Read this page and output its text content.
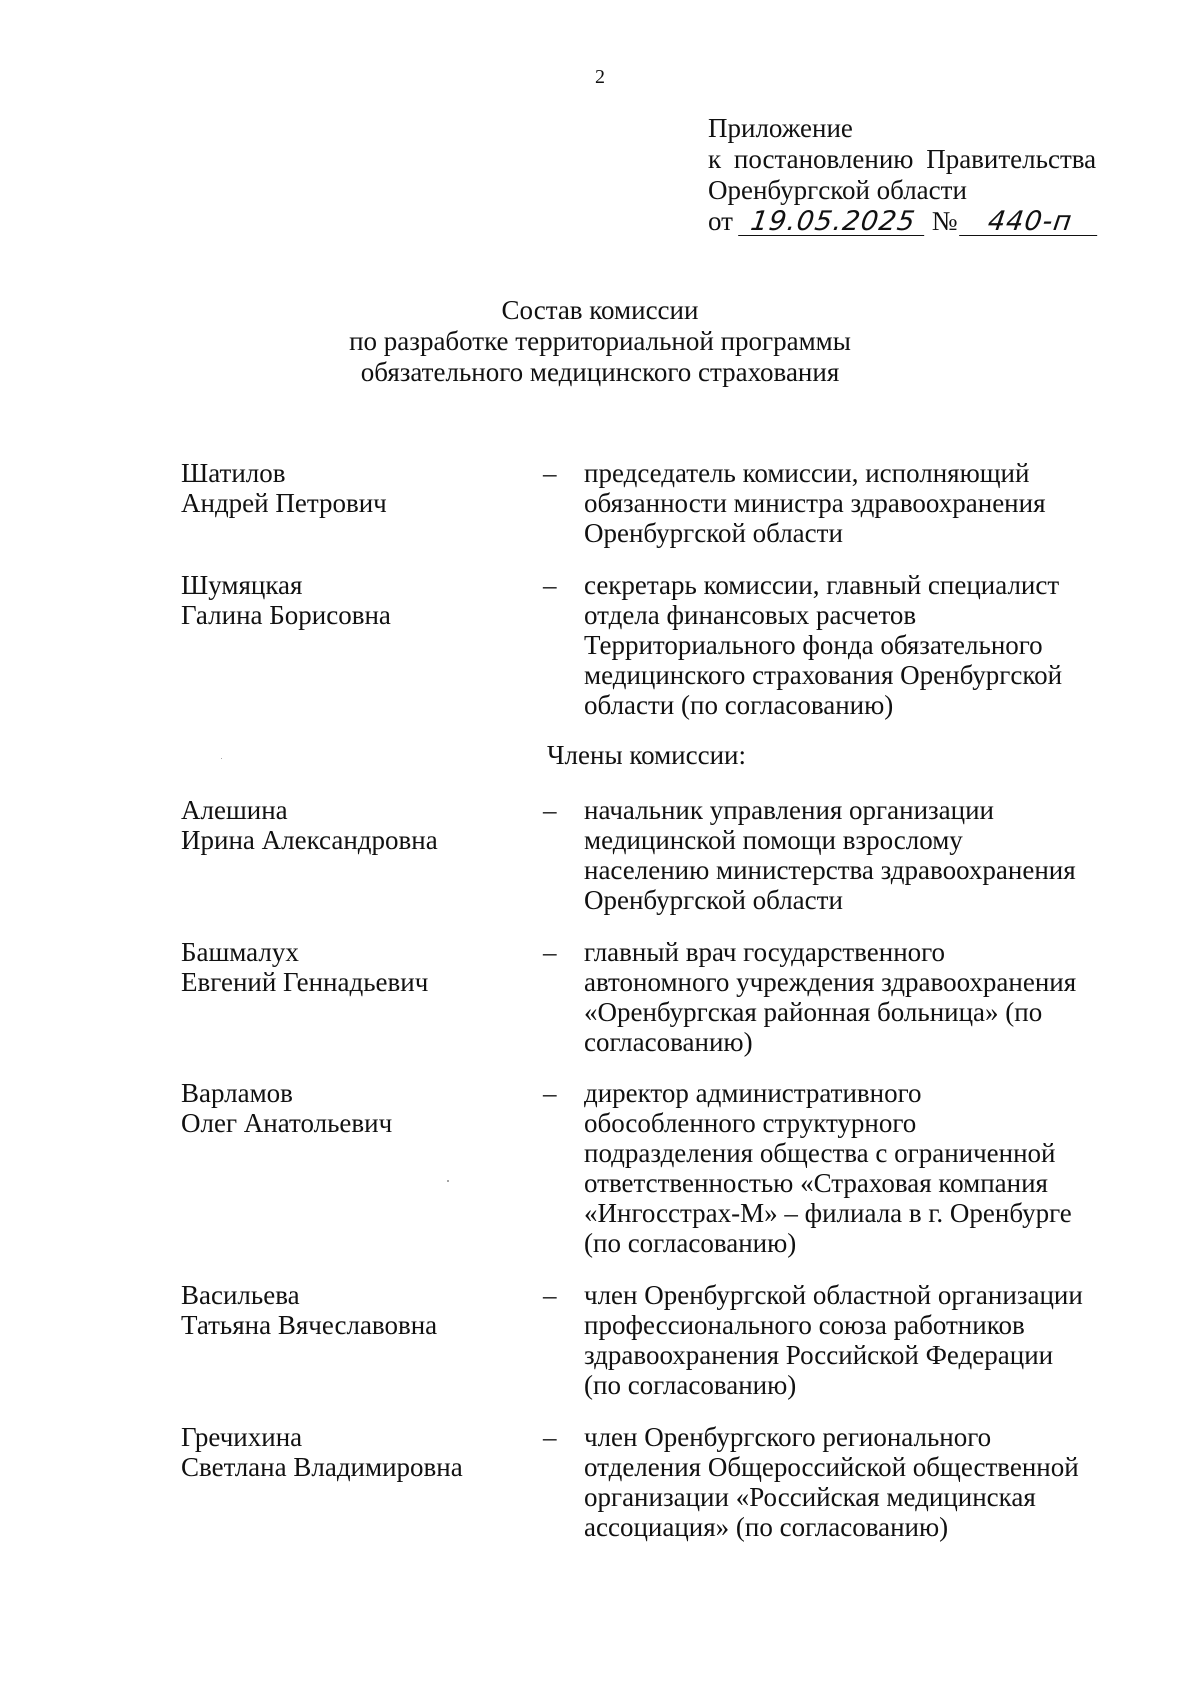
2
Приложение
к постановлению Правительства
Оренбургской области
от 19.05.2025 № 440-п
Состав комиссии
по разработке территориальной программы
обязательного медицинского страхования
Шатилов
Андрей Петрович
– председатель комиссии, исполняющий
обязанности министра здравоохранения
Оренбургской области
Шумяцкая
Галина Борисовна
– секретарь комиссии, главный специалист
отдела финансовых расчетов
Территориального фонда обязательного
медицинского страхования Оренбургской
области (по согласованию)
Члены комиссии:
Алешина
Ирина Александровна
– начальник управления организации
медицинской помощи взрослому
населению министерства здравоохранения
Оренбургской области
Башмалух
Евгений Геннадьевич
– главный врач государственного
автономного учреждения здравоохранения
«Оренбургская районная больница» (по
согласованию)
Варламов
Олег Анатольевич
– директор административного
обособленного структурного
подразделения общества с ограниченной
ответственностью «Страховая компания
«Ингосстрах-М» – филиала в г. Оренбурге
(по согласованию)
Васильева
Татьяна Вячеславовна
– член Оренбургской областной организации
профессионального союза работников
здравоохранения Российской Федерации
(по согласованию)
Гречихина
Светлана Владимировна
– член Оренбургского регионального
отделения Общероссийской общественной
организации «Российская медицинская
ассоциация» (по согласованию)
